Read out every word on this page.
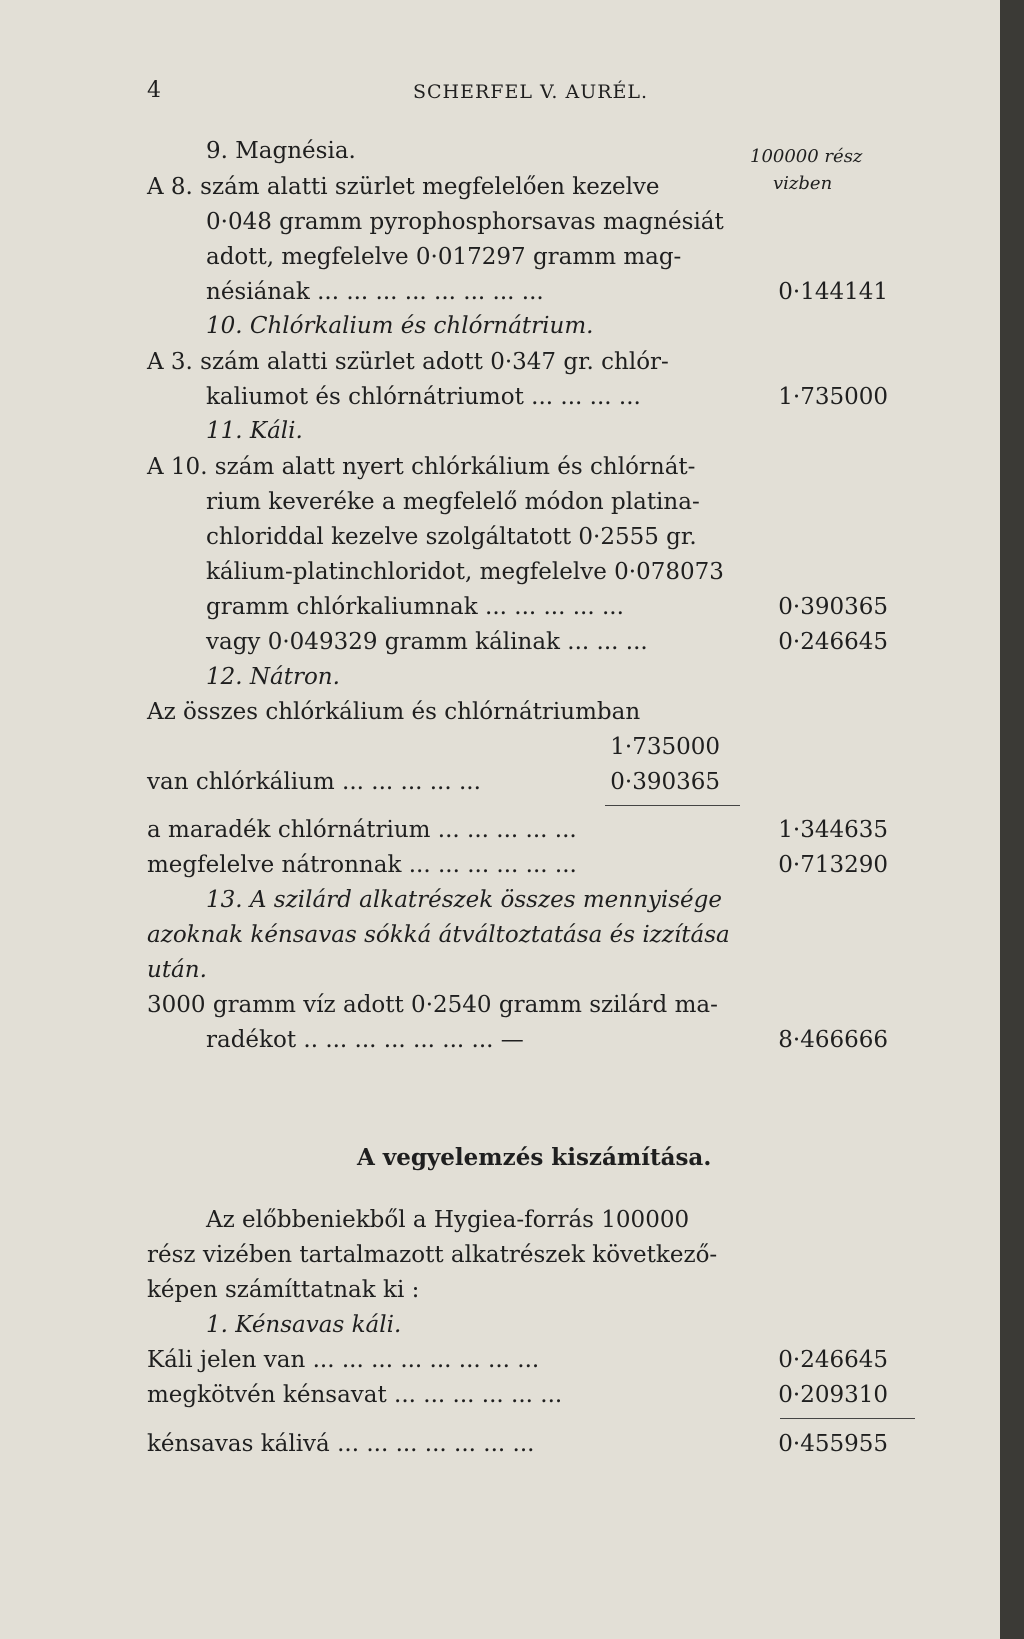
4	SCHERFEL V. AURÉL.
100000 rész
vizben
9. Magnésia.
A 8. szám alatti szürlet megfelelően kezelve
0·048 gramm pyrophosphorsavas magnésiát
adott, megfelelve 0·017297 gramm mag-
nésiának ... ... ... ... ... ... ... ...
10. Chlórkalium és chlórnátrium.
A 3. szám alatti szürlet adott 0·347 gr. chlór-
kaliumot és chlórnátriumot ... ... ... ...
11. Káli.
A 10. szám alatt nyert chlórkálium és chlórnát-
rium keveréke a megfelelő módon platina-
chloriddal kezelve szolgáltatott 0·2555 gr.
kálium-platinchloridot, megfelelve 0·078073
gramm chlórkaliumnak ... ... ... ... ...
vagy 0·049329 gramm kálinak ... ... ...
12. Nátron.
Az összes chlórkálium és chlórnátriumban
van chlórkálium ... ... ... ... ...
a maradék chlórnátrium ... ... ... ... ...
megfelelve nátronnak ... ... ... ... ... ...
13. A szilárd alkatrészek összes mennyisége
azoknak kénsavas sókká átváltoztatása és izzítása
után.
3000 gramm víz adott 0·2540 gramm szilárd ma-
radékot .. ... ... ... ... ... ... —
A vegyelemzés kiszámítása.
Az előbbeniekből a Hygiea-forrás 100000
rész vizében tartalmazott alkatrészek következő-
képen számíttatnak ki :
1. Kénsavas káli.
Káli jelen van ... ... ... ... ... ... ... ...
megkötvén kénsavat ... ... ... ... ... ...
kénsavas kálivá ... ... ... ... ... ... ...
0·144141
1·735000
0·390365
0·246645
1·735000
0·390365
1·344635
0·713290
8·466666
0·246645
0·209310
0·455955
